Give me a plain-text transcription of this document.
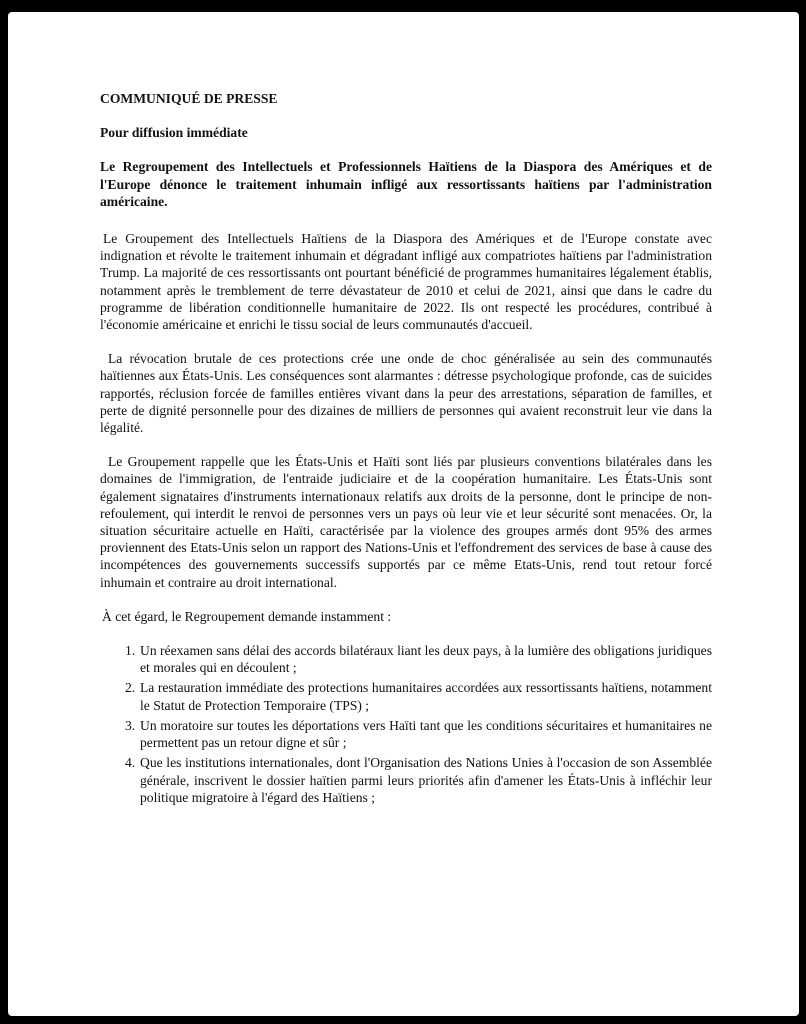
COMMUNIQUÉ DE PRESSE
Pour diffusion immédiate
Le Regroupement des Intellectuels et Professionnels Haïtiens de la Diaspora des Amériques et de l'Europe dénonce le traitement inhumain infligé aux ressortissants haïtiens par l'administration américaine.

Le Groupement des Intellectuels Haïtiens de la Diaspora des Amériques et de l'Europe constate avec indignation et révolte le traitement inhumain et dégradant infligé aux compatriotes haïtiens par l'administration Trump. La majorité de ces ressortissants ont pourtant bénéficié de programmes humanitaires légalement établis, notamment après le tremblement de terre dévastateur de 2010 et celui de 2021, ainsi que dans le cadre du programme de libération conditionnelle humanitaire de 2022. Ils ont respecté les procédures, contribué à l'économie américaine et enrichi le tissu social de leurs communautés d'accueil.

La révocation brutale de ces protections crée une onde de choc généralisée au sein des communautés haïtiennes aux États-Unis. Les conséquences sont alarmantes : détresse psychologique profonde, cas de suicides rapportés, réclusion forcée de familles entières vivant dans la peur des arrestations, séparation de familles, et perte de dignité personnelle pour des dizaines de milliers de personnes qui avaient reconstruit leur vie dans la légalité.

Le Groupement rappelle que les États-Unis et Haïti sont liés par plusieurs conventions bilatérales dans les domaines de l'immigration, de l'entraide judiciaire et de la coopération humanitaire. Les États-Unis sont également signataires d'instruments internationaux relatifs aux droits de la personne, dont le principe de non-refoulement, qui interdit le renvoi de personnes vers un pays où leur vie et leur sécurité sont menacées. Or, la situation sécuritaire actuelle en Haïti, caractérisée par la violence des groupes armés dont 95% des armes proviennent des Etats-Unis selon un rapport des Nations-Unis et l'effondrement des services de base à cause des incompétences des gouvernements successifs supportés par ce même Etats-Unis, rend tout retour forcé inhumain et contraire au droit international.

À cet égard, le Regroupement demande instamment :
1. Un réexamen sans délai des accords bilatéraux liant les deux pays, à la lumière des obligations juridiques et morales qui en découlent ;
2. La restauration immédiate des protections humanitaires accordées aux ressortissants haïtiens, notamment le Statut de Protection Temporaire (TPS) ;
3. Un moratoire sur toutes les déportations vers Haïti tant que les conditions sécuritaires et humanitaires ne permettent pas un retour digne et sûr ;
4. Que les institutions internationales, dont l'Organisation des Nations Unies à l'occasion de son Assemblée générale, inscrivent le dossier haïtien parmi leurs priorités afin d'amener les États-Unis à infléchir leur politique migratoire à l'égard des Haïtiens ;
